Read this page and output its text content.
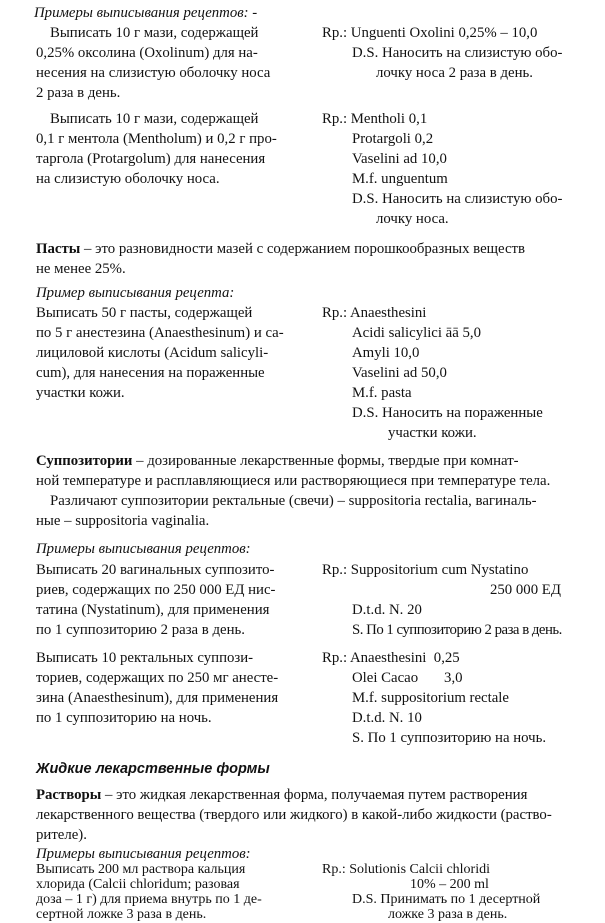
Примеры выписывания рецептов: -
Выписать 10 г мази, содержащей
0,25% оксолина (Oxolinum) для на-
несения на слизистую оболочку носа
2 раза в день.
Rp.: Unguenti Oxolini 0,25% – 10,0
D.S. Наносить на слизистую обо-
лочку носа 2 раза в день.
Выписать 10 г мази, содержащей
0,1 г ментола (Mentholum) и 0,2 г про-
таргола (Protargolum) для нанесения
на слизистую оболочку носа.
Rp.: Mentholi 0,1
Protargoli 0,2
Vaselini ad 10,0
M.f. unguentum
D.S. Наносить на слизистую обо-
лочку носа.
Пасты – это разновидности мазей с содержанием порошкообразных веществ
не менее 25%.
Пример выписывания рецепта:
Выписать 50 г пасты, содержащей
по 5 г анестезина (Anaesthesinum) и са-
лициловой кислоты (Acidum salicyli-
cum), для нанесения на пораженные
участки кожи.
Rp.: Anaesthesini
Acidi salicylici āā 5,0
Amyli 10,0
Vaselini ad 50,0
M.f. pasta
D.S. Наносить на пораженные
участки кожи.
Суппозитории – дозированные лекарственные формы, твердые при комнат-
ной температуре и расплавляющиеся или растворяющиеся при температуре тела.
Различают суппозитории ректальные (свечи) – suppositoria rectalia, вагиналь-
ные – suppositoria vaginalia.
Примеры выписывания рецептов:
Выписать 20 вагинальных суппозито-
риев, содержащих по 250 000 ЕД нис-
татина (Nystatinum), для применения
по 1 суппозиторию 2 раза в день.
Rp.: Suppositorium cum Nystatino
250 000 ЕД
D.t.d. N. 20
S. По 1 суппозиторию 2 раза в день.
Выписать 10 ректальных суппози-
ториев, содержащих по 250 мг анесте-
зина (Anaesthesinum), для применения
по 1 суппозиторию на ночь.
Rp.: Anaesthesini  0,25
Olei Cacao       3,0
M.f. suppositorium rectale
D.t.d. N. 10
S. По 1 суппозиторию на ночь.
Жидкие лекарственные формы
Растворы – это жидкая лекарственная форма, получаемая путем растворения
лекарственного вещества (твердого или жидкого) в какой-либо жидкости (раство-
рителе).
Примеры выписывания рецептов:
Выписать 200 мл раствора кальция
хлорида (Calcii chloridum; разовая
доза – 1 г) для приема внутрь по 1 де-
сертной ложке 3 раза в день.
Rp.: Solutionis Calcii chloridi
10% – 200 ml
D.S. Принимать по 1 десертной
ложке 3 раза в день.
